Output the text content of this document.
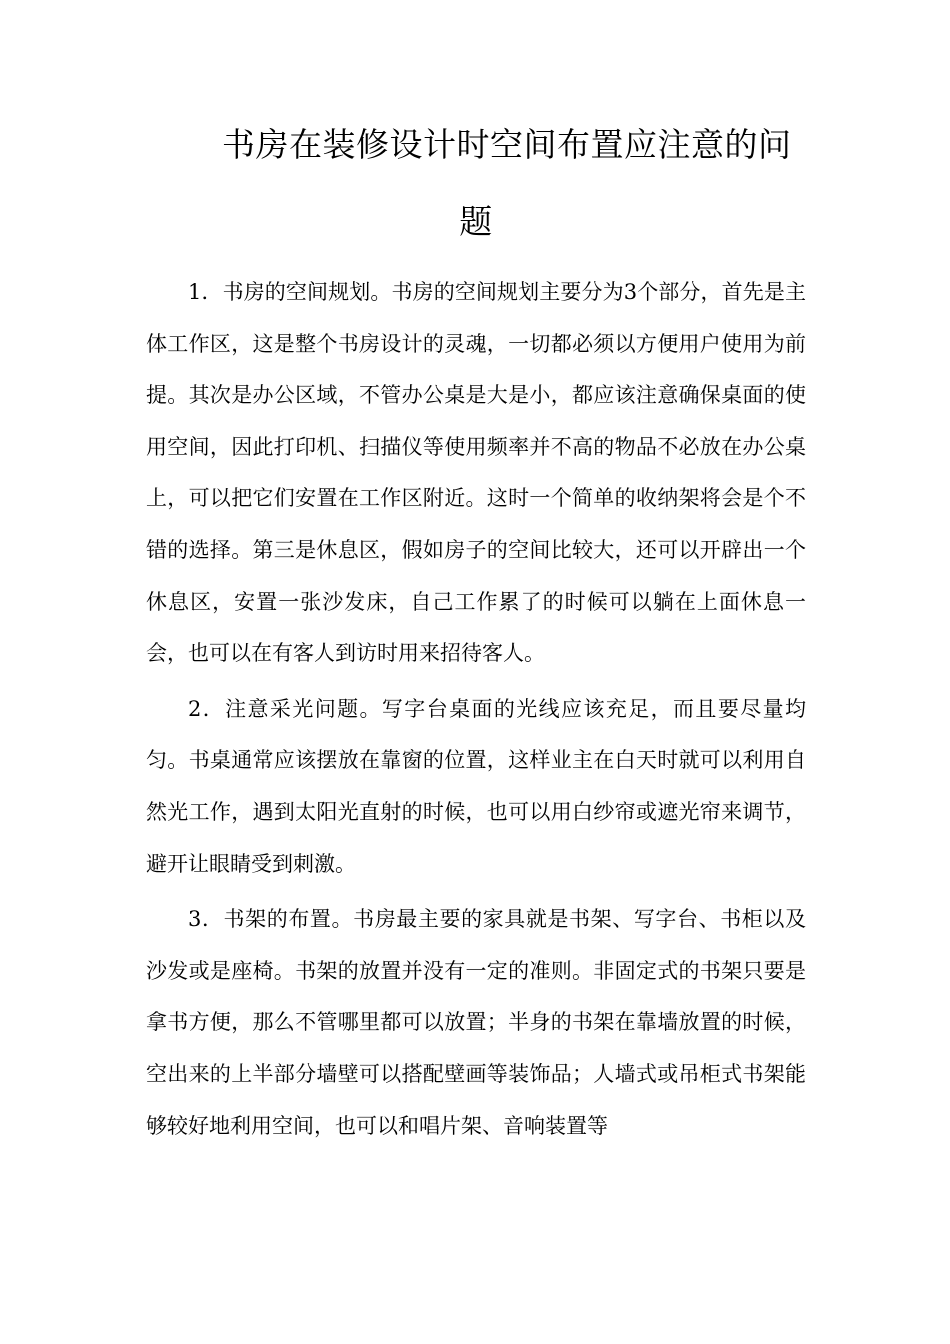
书房在装修设计时空间布置应注意的问
题

1．书房的空间规划。书房的空间规划主要分为3个部分，首先是主体工作区，这是整个书房设计的灵魂，一切都必须以方便用户使用为前提。其次是办公区域，不管办公桌是大是小，都应该注意确保桌面的使用空间，因此打印机、扫描仪等使用频率并不高的物品不必放在办公桌上，可以把它们安置在工作区附近。这时一个简单的收纳架将会是个不错的选择。第三是休息区，假如房子的空间比较大，还可以开辟出一个休息区，安置一张沙发床，自己工作累了的时候可以躺在上面休息一会，也可以在有客人到访时用来招待客人。

2．注意采光问题。写字台桌面的光线应该充足，而且要尽量均匀。书桌通常应该摆放在靠窗的位置，这样业主在白天时就可以利用自然光工作，遇到太阳光直射的时候，也可以用白纱帘或遮光帘来调节，避开让眼睛受到刺激。

3．书架的布置。书房最主要的家具就是书架、写字台、书柜以及沙发或是座椅。书架的放置并没有一定的准则。非固定式的书架只要是拿书方便，那么不管哪里都可以放置；半身的书架在靠墙放置的时候，空出来的上半部分墙壁可以搭配壁画等装饰品；人墙式或吊柜式书架能够较好地利用空间，也可以和唱片架、音响装置等
